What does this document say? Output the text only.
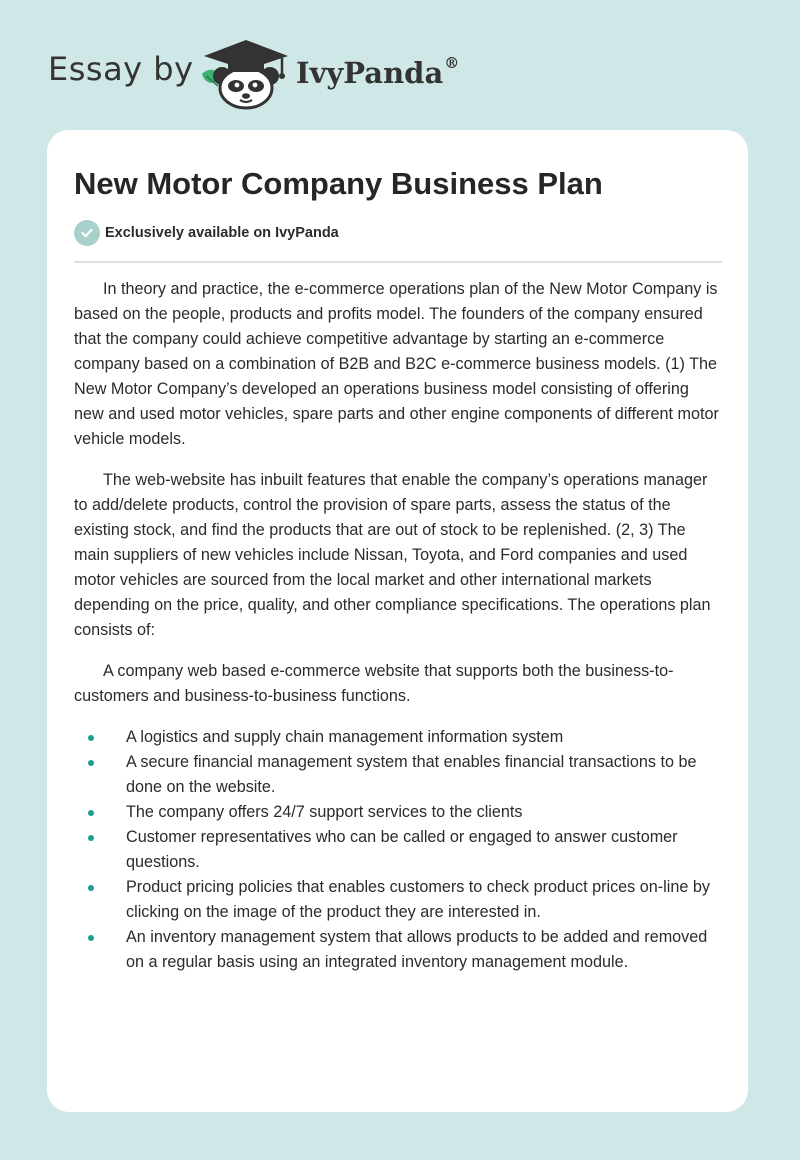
Essay by	IvyPanda®
New Motor Company Business Plan
Exclusively available on IvyPanda

In theory and practice, the e-commerce operations plan of the New Motor Company is based on the people, products and profits model. The founders of the company ensured that the company could achieve competitive advantage by starting an e-commerce company based on a combination of B2B and B2C e-commerce business models. (1) The New Motor Company’s developed an operations business model consisting of offering new and used motor vehicles, spare parts and other engine components of different motor vehicle models.

The web-website has inbuilt features that enable the company’s operations manager to add/delete products, control the provision of spare parts, assess the status of the existing stock, and find the products that are out of stock to be replenished. (2, 3) The main suppliers of new vehicles include Nissan, Toyota, and Ford companies and used motor vehicles are sourced from the local market and other international markets depending on the price, quality, and other compliance specifications. The operations plan consists of:

A company web based e-commerce website that supports both the business-to-customers and business-to-business functions.

A logistics and supply chain management information system
A secure financial management system that enables financial transactions to be done on the website.
The company offers 24/7 support services to the clients
Customer representatives who can be called or engaged to answer customer questions.
Product pricing policies that enables customers to check product prices on-line by clicking on the image of the product they are interested in.
An inventory management system that allows products to be added and removed on a regular basis using an integrated inventory management module.
